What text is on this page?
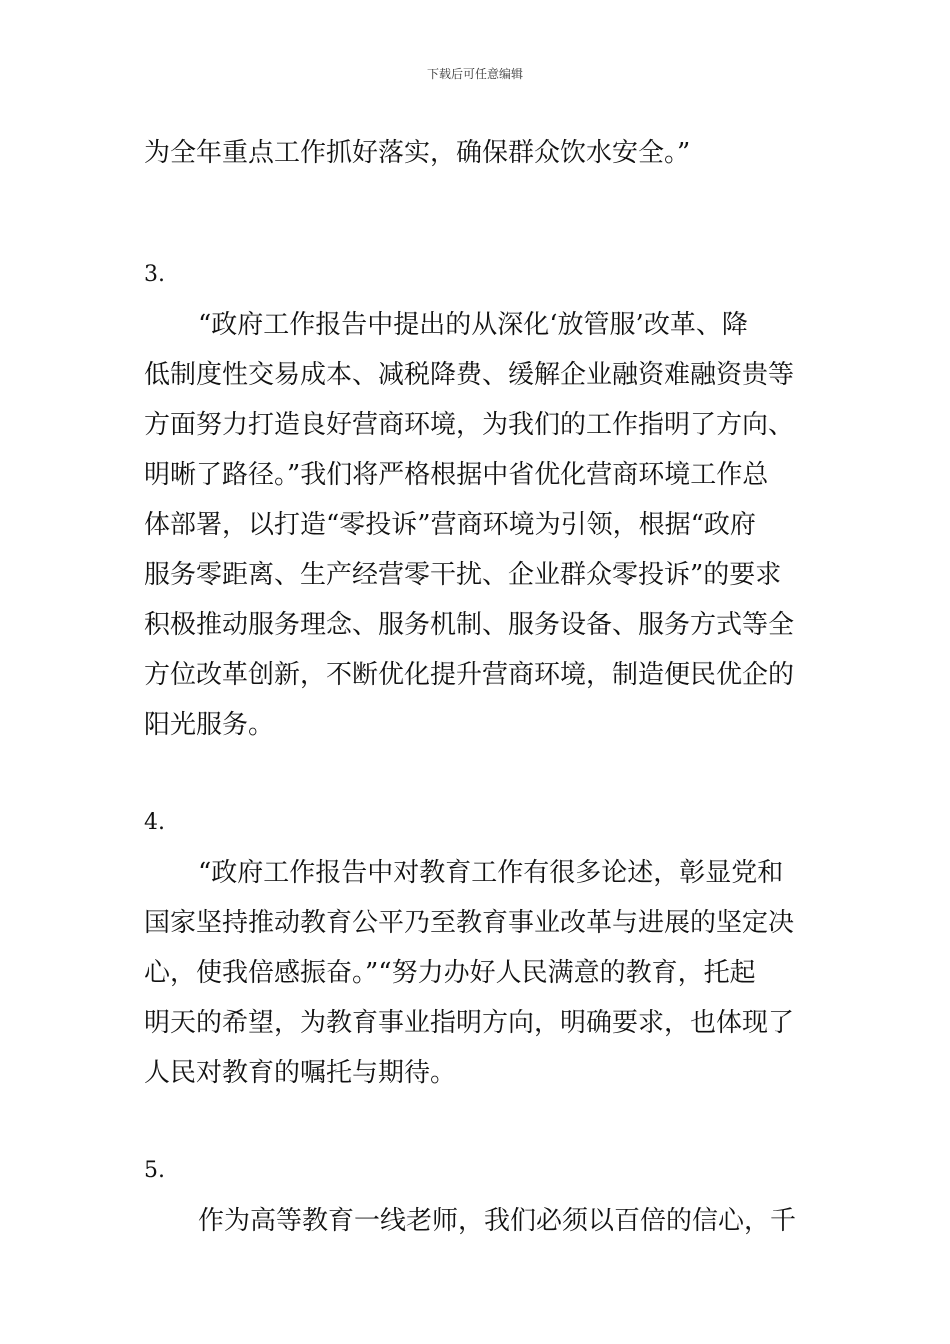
下载后可任意编辑

为全年重点工作抓好落实，确保群众饮水安全。”

3.

“政府工作报告中提出的从深化‘放管服’改革、降
低制度性交易成本、减税降费、缓解企业融资难融资贵等
方面努力打造良好营商环境，为我们的工作指明了方向、
明晰了路径。”我们将严格根据中省优化营商环境工作总
体部署，以打造“零投诉”营商环境为引领，根据“政府
服务零距离、生产经营零干扰、企业群众零投诉”的要求
积极推动服务理念、服务机制、服务设备、服务方式等全
方位改革创新，不断优化提升营商环境，制造便民优企的
阳光服务。

4.

“政府工作报告中对教育工作有很多论述，彰显党和
国家坚持推动教育公平乃至教育事业改革与进展的坚定决
心，使我倍感振奋。”“努力办好人民满意的教育，托起
明天的希望，为教育事业指明方向，明确要求，也体现了
人民对教育的嘱托与期待。

5.

作为高等教育一线老师，我们必须以百倍的信心，千
